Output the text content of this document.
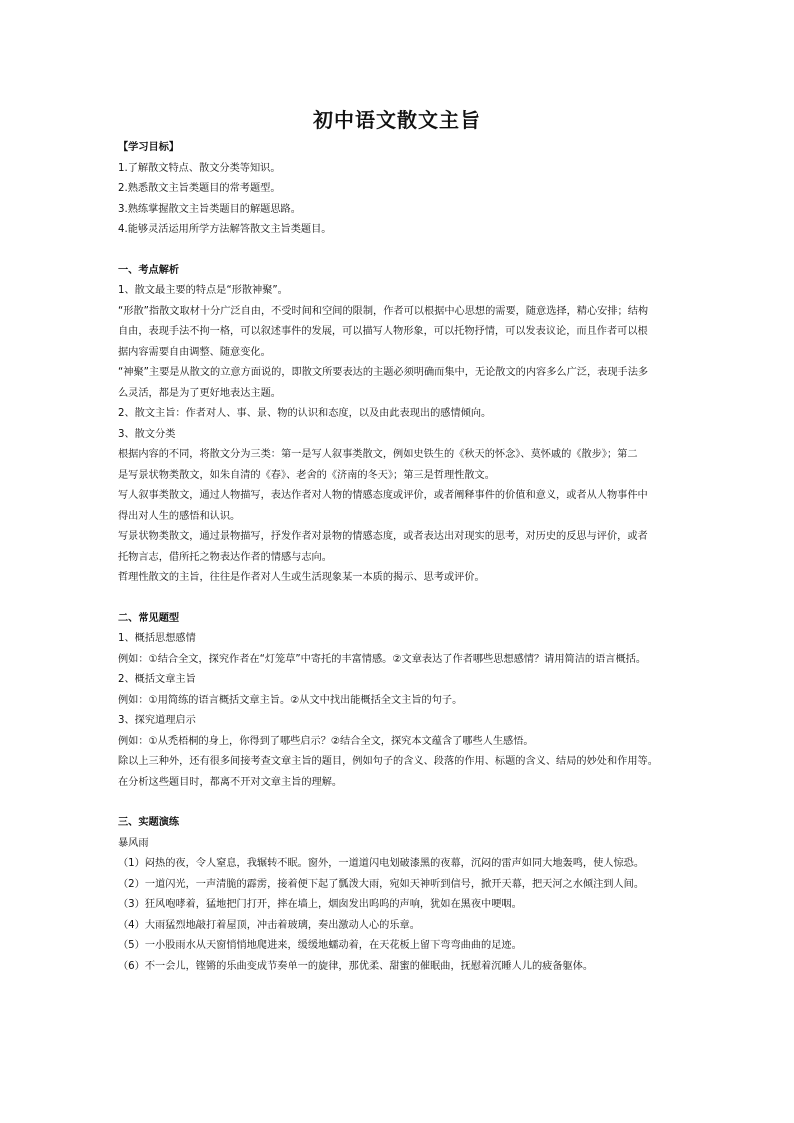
初中语文散文主旨
【学习目标】
1.了解散文特点、散文分类等知识。
2.熟悉散文主旨类题目的常考题型。
3.熟练掌握散文主旨类题目的解题思路。
4.能够灵活运用所学方法解答散文主旨类题目。
一、考点解析
1、散文最主要的特点是“形散神聚”。
“形散”指散文取材十分广泛自由，不受时间和空间的限制，作者可以根据中心思想的需要，随意选择，精心安排；结构
自由，表现手法不拘一格，可以叙述事件的发展，可以描写人物形象，可以托物抒情，可以发表议论，而且作者可以根
据内容需要自由调整、随意变化。
“神聚”主要是从散文的立意方面说的，即散文所要表达的主题必须明确而集中，无论散文的内容多么广泛，表现手法多
么灵活，都是为了更好地表达主题。
2、散文主旨：作者对人、事、景、物的认识和态度，以及由此表现出的感情倾向。
3、散文分类
根据内容的不同，将散文分为三类：第一是写人叙事类散文，例如史铁生的《秋天的怀念》、莫怀戚的《散步》；第二
是写景状物类散文，如朱自清的《春》、老舍的《济南的冬天》；第三是哲理性散文。
写人叙事类散文，通过人物描写，表达作者对人物的情感态度或评价，或者阐释事件的价值和意义，或者从人物事件中
得出对人生的感悟和认识。
写景状物类散文，通过景物描写，抒发作者对景物的情感态度，或者表达出对现实的思考，对历史的反思与评价，或者
托物言志，借所托之物表达作者的情感与志向。
哲理性散文的主旨，往往是作者对人生或生活现象某一本质的揭示、思考或评价。
二、常见题型
1、概括思想感情
例如：①结合全文，探究作者在“灯笼草”中寄托的丰富情感。②文章表达了作者哪些思想感情？请用简洁的语言概括。
2、概括文章主旨
例如：①用简练的语言概括文章主旨。②从文中找出能概括全文主旨的句子。
3、探究道理启示
例如：①从禿梧桐的身上，你得到了哪些启示？②结合全文，探究本文蕴含了哪些人生感悟。
除以上三种外，还有很多间接考查文章主旨的题目，例如句子的含义、段落的作用、标题的含义、结局的妙处和作用等。
在分析这些题目时，都离不开对文章主旨的理解。
三、实题演练
暴风雨
（1）闷热的夜，令人窒息，我辗转不眠。窗外，一道道闪电划破漆黑的夜幕，沉闷的雷声如同大地轰鸣，使人惊恐。
（2）一道闪光，一声清脆的霹雳，接着便下起了瓢泼大雨，宛如天神听到信号，掀开天幕，把天河之水倾注到人间。
（3）狂风咆哮着，猛地把门打开，摔在墙上，烟囱发出呜呜的声响，犹如在黑夜中哽咽。
（4）大雨猛烈地敲打着屋顶，冲击着玻璃，奏出激动人心的乐章。
（5）一小股雨水从天窗悄悄地爬进来，缓缓地蠕动着，在天花板上留下弯弯曲曲的足迹。
（6）不一会儿，铿锵的乐曲变成节奏单一的旋律，那优柔、甜蜜的催眠曲，抚慰着沉睡人儿的疲备躯体。
